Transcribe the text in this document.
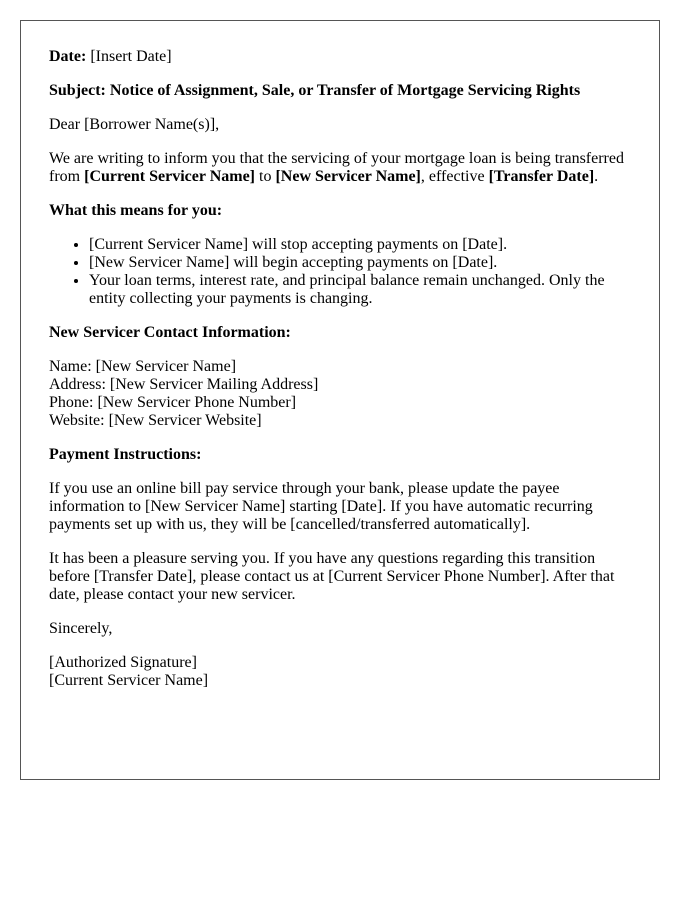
Date: [Insert Date]

Subject: Notice of Assignment, Sale, or Transfer of Mortgage Servicing Rights

Dear [Borrower Name(s)],

We are writing to inform you that the servicing of your mortgage loan is being transferred from [Current Servicer Name] to [New Servicer Name], effective [Transfer Date].

What this means for you:

• [Current Servicer Name] will stop accepting payments on [Date].
• [New Servicer Name] will begin accepting payments on [Date].
• Your loan terms, interest rate, and principal balance remain unchanged. Only the entity collecting your payments is changing.

New Servicer Contact Information:

Name: [New Servicer Name]
Address: [New Servicer Mailing Address]
Phone: [New Servicer Phone Number]
Website: [New Servicer Website]

Payment Instructions:

If you use an online bill pay service through your bank, please update the payee information to [New Servicer Name] starting [Date]. If you have automatic recurring payments set up with us, they will be [cancelled/transferred automatically].

It has been a pleasure serving you. If you have any questions regarding this transition before [Transfer Date], please contact us at [Current Servicer Phone Number]. After that date, please contact your new servicer.

Sincerely,

[Authorized Signature]
[Current Servicer Name]
